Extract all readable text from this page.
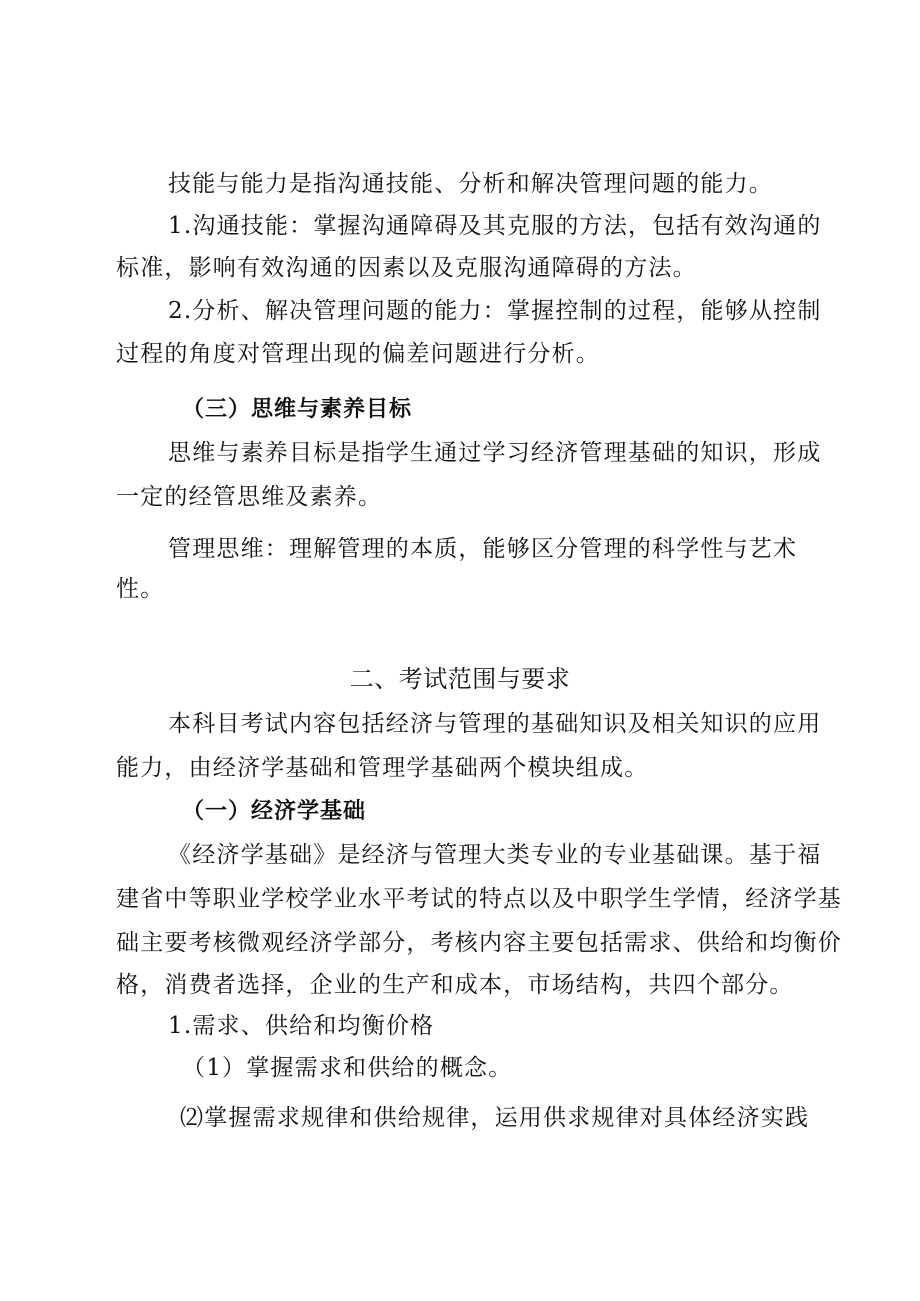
技能与能力是指沟通技能、分析和解决管理问题的能力。
1.沟通技能：掌握沟通障碍及其克服的方法，包括有效沟通的
标准，影响有效沟通的因素以及克服沟通障碍的方法。
2.分析、解决管理问题的能力：掌握控制的过程，能够从控制
过程的角度对管理出现的偏差问题进行分析。
（三）思维与素养目标
思维与素养目标是指学生通过学习经济管理基础的知识，形成
一定的经管思维及素养。
管理思维：理解管理的本质，能够区分管理的科学性与艺术
性。
二、考试范围与要求
本科目考试内容包括经济与管理的基础知识及相关知识的应用
能力，由经济学基础和管理学基础两个模块组成。
（一）经济学基础
《经济学基础》是经济与管理大类专业的专业基础课。基于福
建省中等职业学校学业水平考试的特点以及中职学生学情，经济学基
础主要考核微观经济学部分，考核内容主要包括需求、供给和均衡价
格，消费者选择，企业的生产和成本，市场结构，共四个部分。
1.需求、供给和均衡价格
（1）掌握需求和供给的概念。
⑵掌握需求规律和供给规律，运用供求规律对具体经济实践
